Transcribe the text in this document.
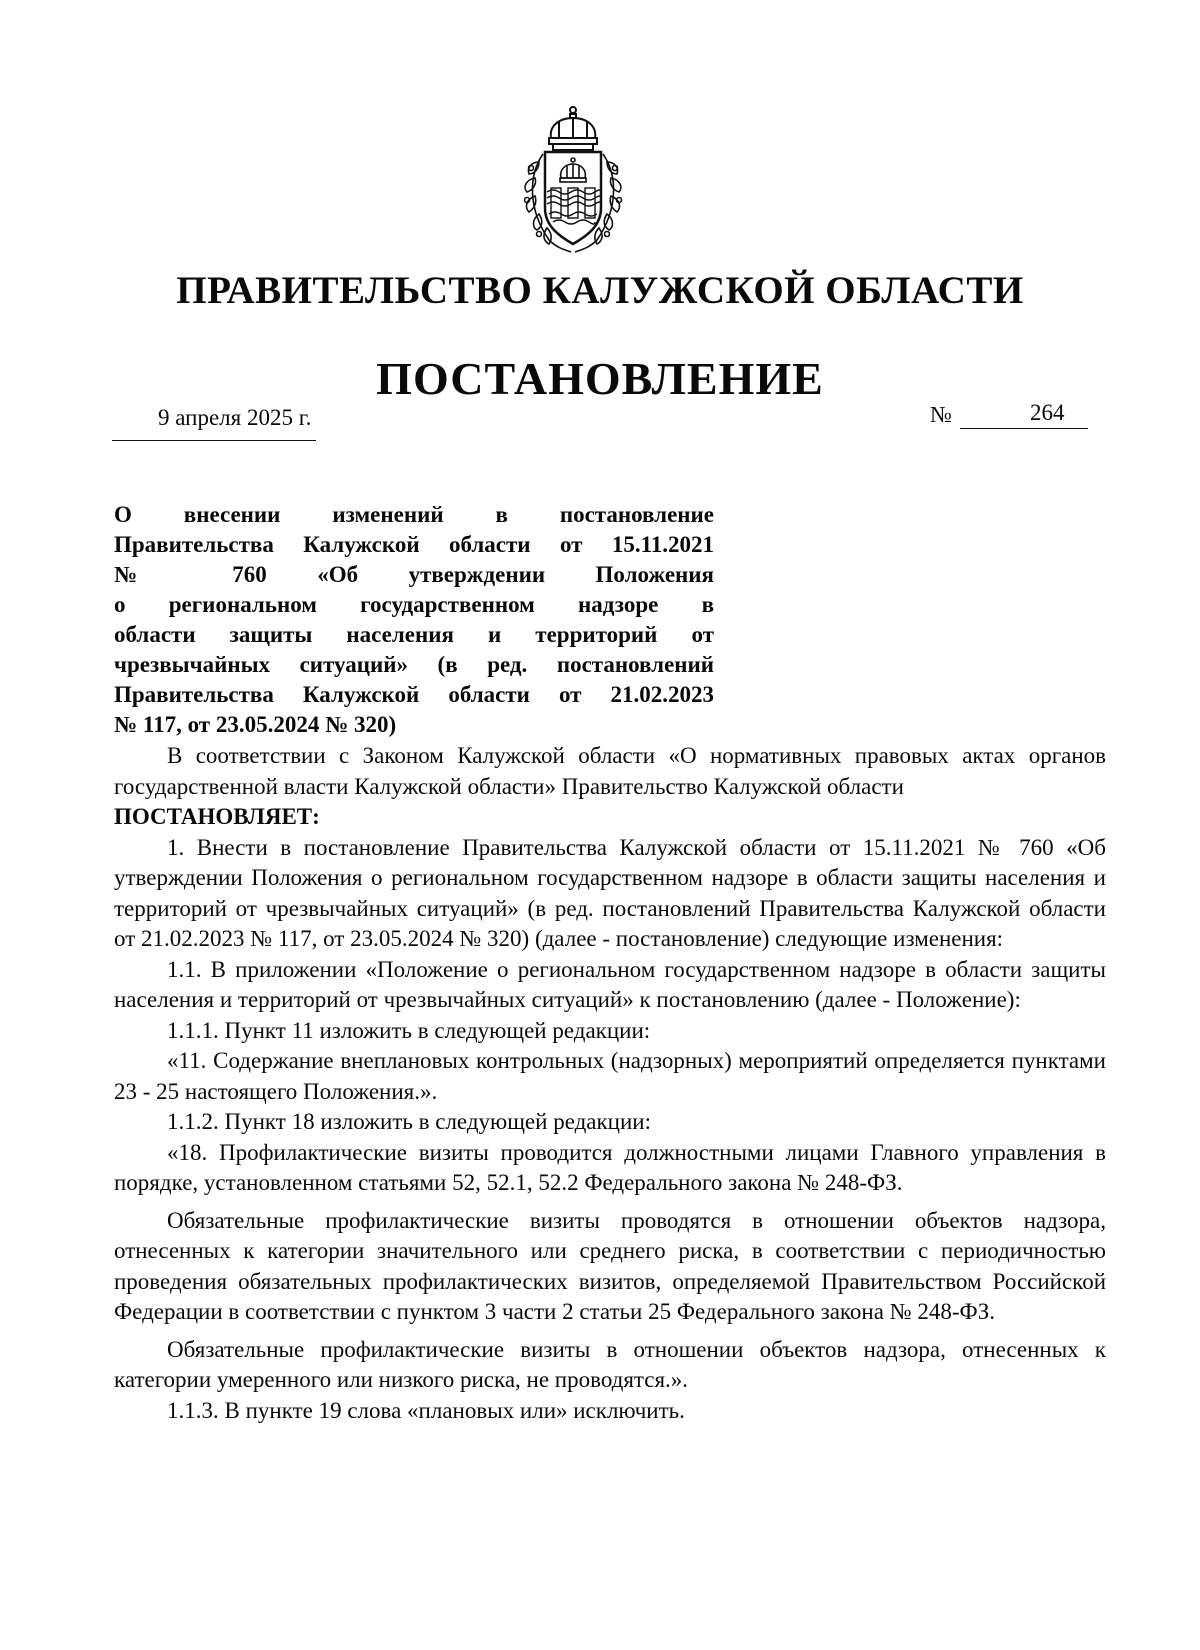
ПРАВИТЕЛЬСТВО КАЛУЖСКОЙ ОБЛАСТИ
ПОСТАНОВЛЕНИЕ
9 апреля 2025 г.	№	264
О внесении изменений в постановление
Правительства Калужской области от 15.11.2021
№ 760 «Об утверждении Положения
о региональном государственном надзоре в
области защиты населения и территорий от
чрезвычайных ситуаций» (в ред. постановлений
Правительства Калужской области от 21.02.2023
№ 117, от 23.05.2024 № 320)

В соответствии с Законом Калужской области «О нормативных правовых актах органов государственной власти Калужской области» Правительство Калужской области

ПОСТАНОВЛЯЕТ:

1. Внести в постановление Правительства Калужской области от 15.11.2021 № 760 «Об утверждении Положения о региональном государственном надзоре в области защиты населения и территорий от чрезвычайных ситуаций» (в ред. постановлений Правительства Калужской области от 21.02.2023 № 117, от 23.05.2024 № 320) (далее - постановление) следующие изменения:

1.1. В приложении «Положение о региональном государственном надзоре в области защиты населения и территорий от чрезвычайных ситуаций» к постановлению (далее - Положение):

1.1.1. Пункт 11 изложить в следующей редакции:

«11. Содержание внеплановых контрольных (надзорных) мероприятий определяется пунктами 23 - 25 настоящего Положения.».

1.1.2. Пункт 18 изложить в следующей редакции:

«18. Профилактические визиты проводится должностными лицами Главного управления в порядке, установленном статьями 52, 52.1, 52.2 Федерального закона № 248-ФЗ.

Обязательные профилактические визиты проводятся в отношении объектов надзора, отнесенных к категории значительного или среднего риска, в соответствии с периодичностью проведения обязательных профилактических визитов, определяемой Правительством Российской Федерации в соответствии с пунктом 3 части 2 статьи 25 Федерального закона № 248-ФЗ.

Обязательные профилактические визиты в отношении объектов надзора, отнесенных к категории умеренного или низкого риска, не проводятся.».

1.1.3. В пункте 19 слова «плановых или» исключить.
